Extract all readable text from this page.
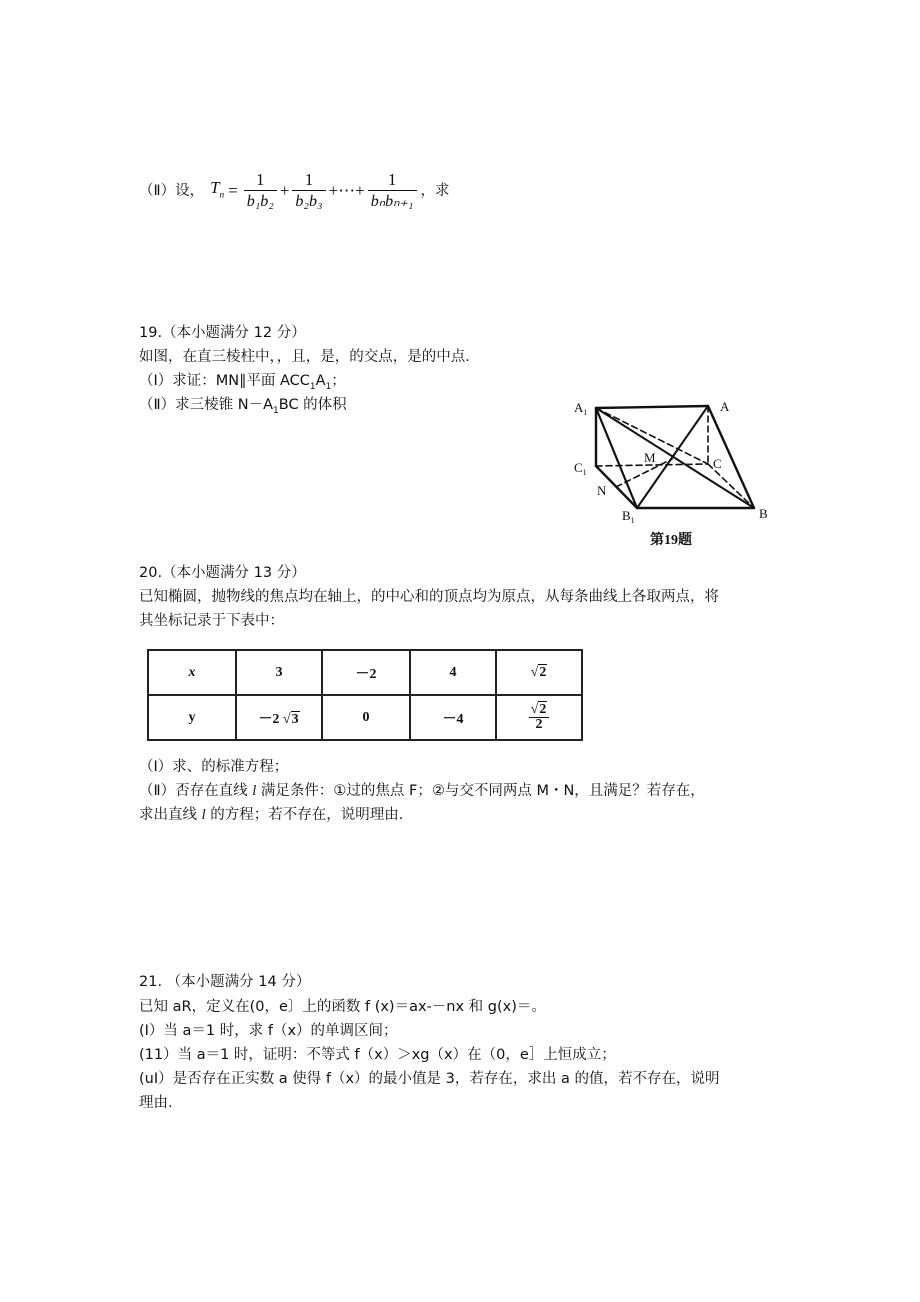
（Ⅱ）设， $T_n = \frac{1}{\text{b₁b₂}} + \frac{1}{\text{b₂b₃}}$ +⋯+ $\frac{1}{\text{bₙbₙ₊₁}}$ ，求
19.（本小题满分 12 分）
如图，在直三棱柱中，，且，是，的交点，是的中点.
（Ⅰ）求证：MN∥平面 $ACC_1A_1$；
（Ⅱ）求三棱锥 $N-A_1BC$ 的体积	$A_1$	A
$C_1$
C
M
N
$B_1$	B
第19题
20.（本小题满分 13 分）
已知椭圆，抛物线的焦点均在轴上，的中心和的顶点均为原点，从每条曲线上各取两点，将
其坐标记录于下表中：
x	3	－2	4	√2
y	－2 √3	0	－4	$\frac{√2}{2}$
（Ⅰ）求、的标准方程；
（Ⅱ）否存在直线 l 满足条件：①过的焦点 F；②与交不同两点 M・N，且满足？若存在，
求出直线 l 的方程；若不存在，说明理由.
21. （本小题满分 14 分）
已知 aR，定义在(0，e〕上的函数 f (x)＝ax-－nx 和 g(x)＝。
(I）当 a＝1 时，求 f（x）的单调区间；
(11）当 a＝1 时，证明：不等式 f（x）＞xg（x）在（0，e］上恒成立；
(uI）是否存在正实数 a 使得 f（x）的最小值是 3，若存在，求出 a 的值，若不存在，说明
理由.
